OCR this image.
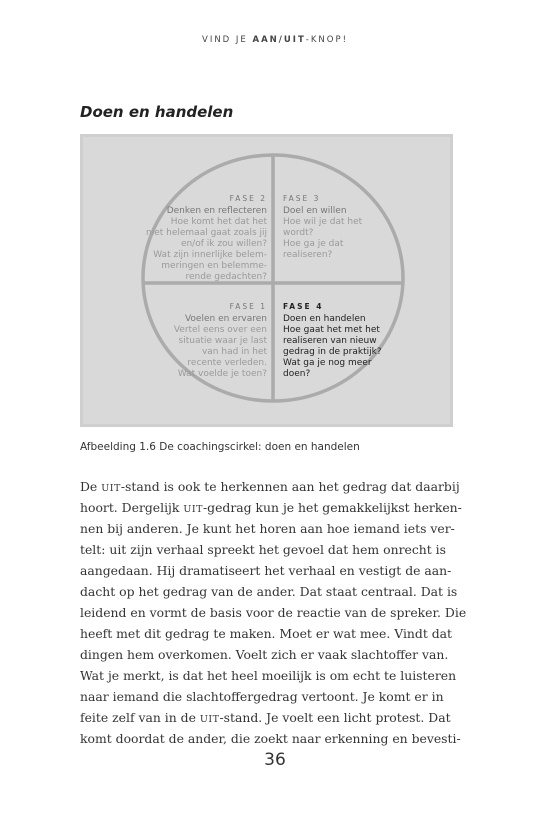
VIND JE AAN/UIT-KNOP!
Doen en handelen
FASE 2
Denken en reflecteren
Hoe komt het dat het
niet helemaal gaat zoals jij
en/of ik zou willen?
Wat zijn innerlijke belem-
meringen en belemme-
rende gedachten?
FASE 3
Doel en willen
Hoe wil je dat het
wordt?
Hoe ga je dat
realiseren?
FASE 1
Voelen en ervaren
Vertel eens over een
situatie waar je last
van had in het
recente verleden.
Wat voelde je toen?
FASE 4
Doen en handelen
Hoe gaat het met het
realiseren van nieuw
gedrag in de praktijk?
Wat ga je nog meer
doen?

Afbeelding 1.6 De coachingscirkel: doen en handelen

De UIT-stand is ook te herkennen aan het gedrag dat daarbij
hoort. Dergelijk UIT-gedrag kun je het gemakkelijkst herken-
nen bij anderen. Je kunt het horen aan hoe iemand iets ver-
telt: uit zijn verhaal spreekt het gevoel dat hem onrecht is
aangedaan. Hij dramatiseert het verhaal en vestigt de aan-
dacht op het gedrag van de ander. Dat staat centraal. Dat is
leidend en vormt de basis voor de reactie van de spreker. Die
heeft met dit gedrag te maken. Moet er wat mee. Vindt dat
dingen hem overkomen. Voelt zich er vaak slachtoffer van.
Wat je merkt, is dat het heel moeilijk is om echt te luisteren
naar iemand die slachtoffergedrag vertoont. Je komt er in
feite zelf van in de UIT-stand. Je voelt een licht protest. Dat
komt doordat de ander, die zoekt naar erkenning en bevesti-
36
